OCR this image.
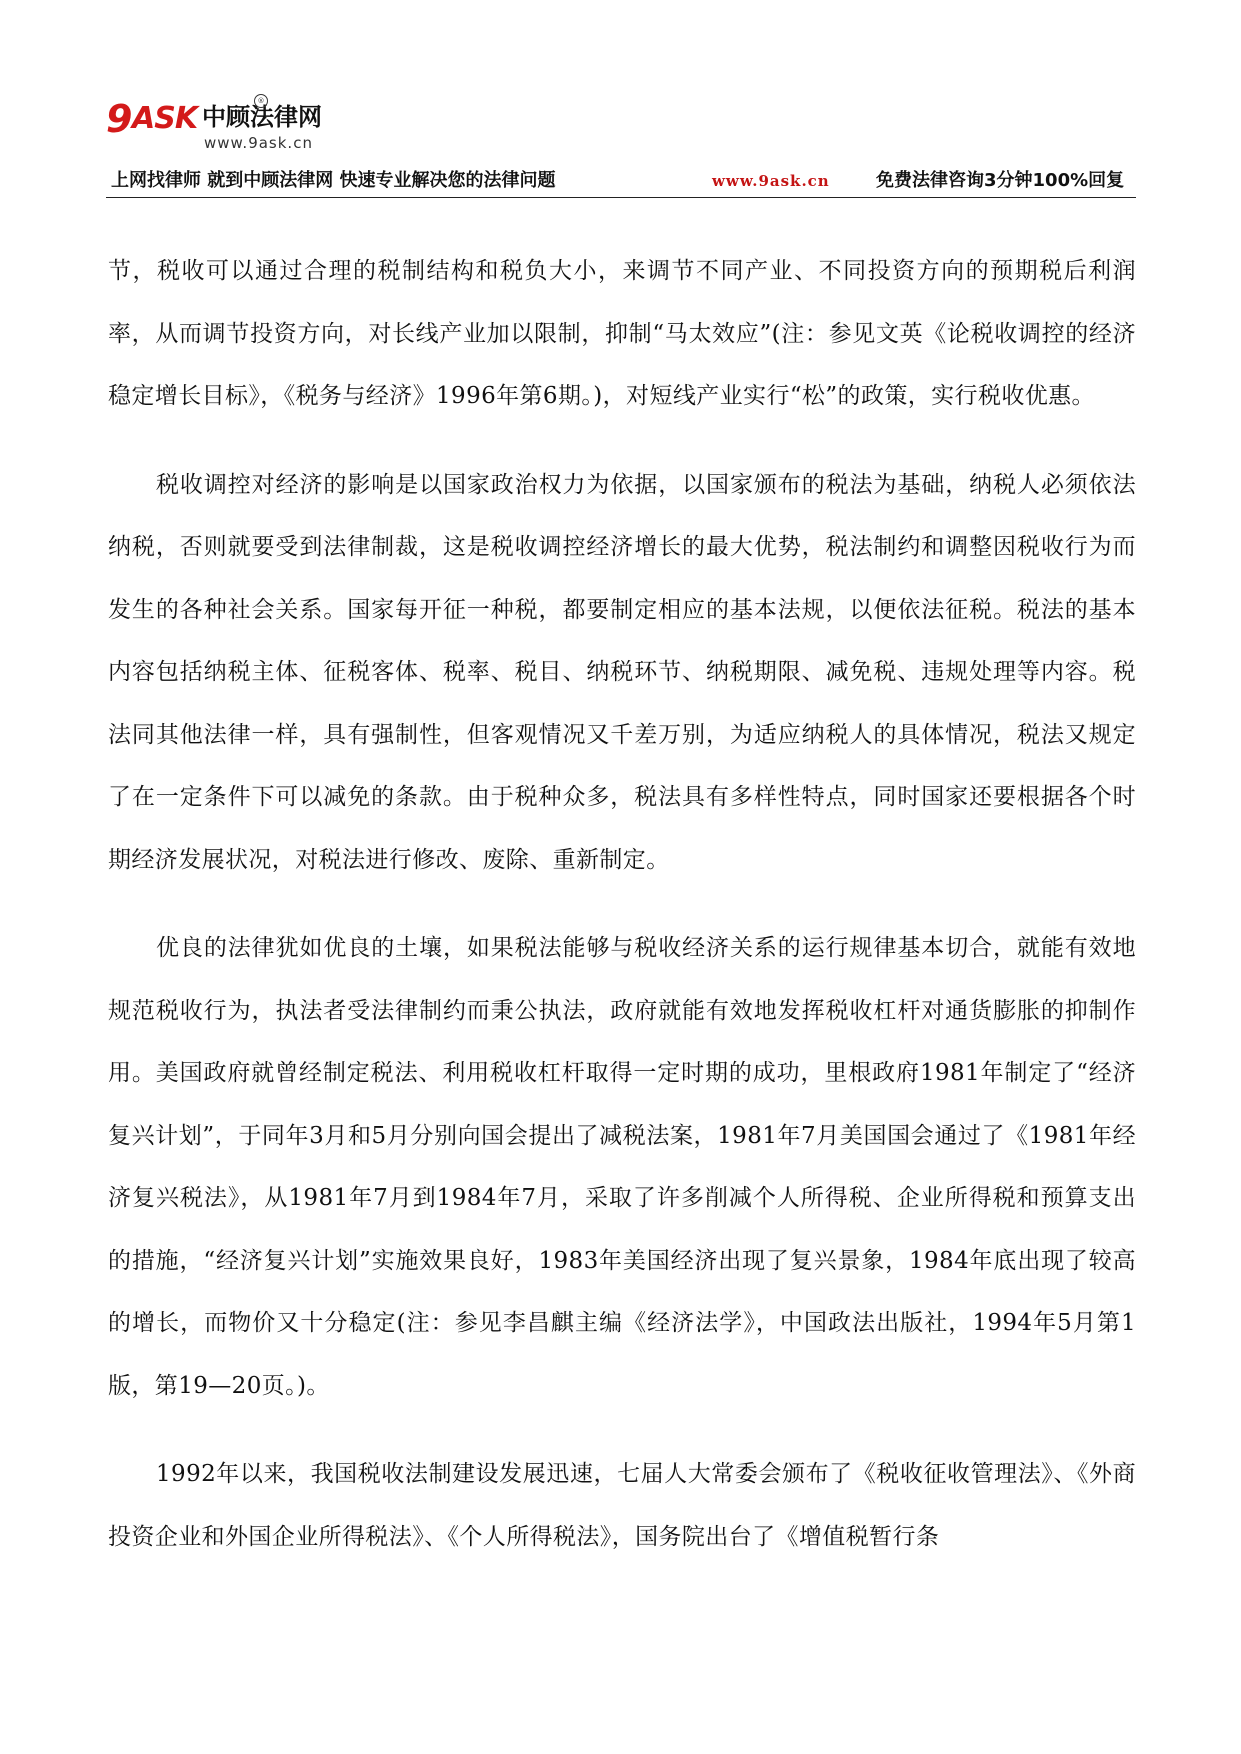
9 ASK 中顾法律网
®
www.9ask.cn
上网找律师 就到中顾法律网 快速专业解决您的法律问题	www.9ask.cn	免费法律咨询3分钟100%回复

节，税收可以通过合理的税制结构和税负大小，来调节不同产业、不同投资方向的预期税后利润率，从而调节投资方向，对长线产业加以限制，抑制“马太效应”(注：参见文英《论税收调控的经济稳定增长目标》，《税务与经济》1996年第6期。)，对短线产业实行“松”的政策，实行税收优惠。

税收调控对经济的影响是以国家政治权力为依据，以国家颁布的税法为基础，纳税人必须依法纳税，否则就要受到法律制裁，这是税收调控经济增长的最大优势，税法制约和调整因税收行为而发生的各种社会关系。国家每开征一种税，都要制定相应的基本法规，以便依法征税。税法的基本内容包括纳税主体、征税客体、税率、税目、纳税环节、纳税期限、减免税、违规处理等内容。税法同其他法律一样，具有强制性，但客观情况又千差万别，为适应纳税人的具体情况，税法又规定了在一定条件下可以减免的条款。由于税种众多，税法具有多样性特点，同时国家还要根据各个时期经济发展状况，对税法进行修改、废除、重新制定。

优良的法律犹如优良的土壤，如果税法能够与税收经济关系的运行规律基本切合，就能有效地规范税收行为，执法者受法律制约而秉公执法，政府就能有效地发挥税收杠杆对通货膨胀的抑制作用。美国政府就曾经制定税法、利用税收杠杆取得一定时期的成功，里根政府1981年制定了“经济复兴计划”，于同年3月和5月分别向国会提出了减税法案，1981年7月美国国会通过了《1981年经济复兴税法》，从1981年7月到1984年7月，采取了许多削减个人所得税、企业所得税和预算支出的措施，“经济复兴计划”实施效果良好，1983年美国经济出现了复兴景象，1984年底出现了较高的增长，而物价又十分稳定(注：参见李昌麒主编《经济法学》，中国政法出版社，1994年5月第1版，第19—20页。)。

1992年以来，我国税收法制建设发展迅速，七届人大常委会颁布了《税收征收管理法》、《外商投资企业和外国企业所得税法》、《个人所得税法》，国务院出台了《增值税暂行条
